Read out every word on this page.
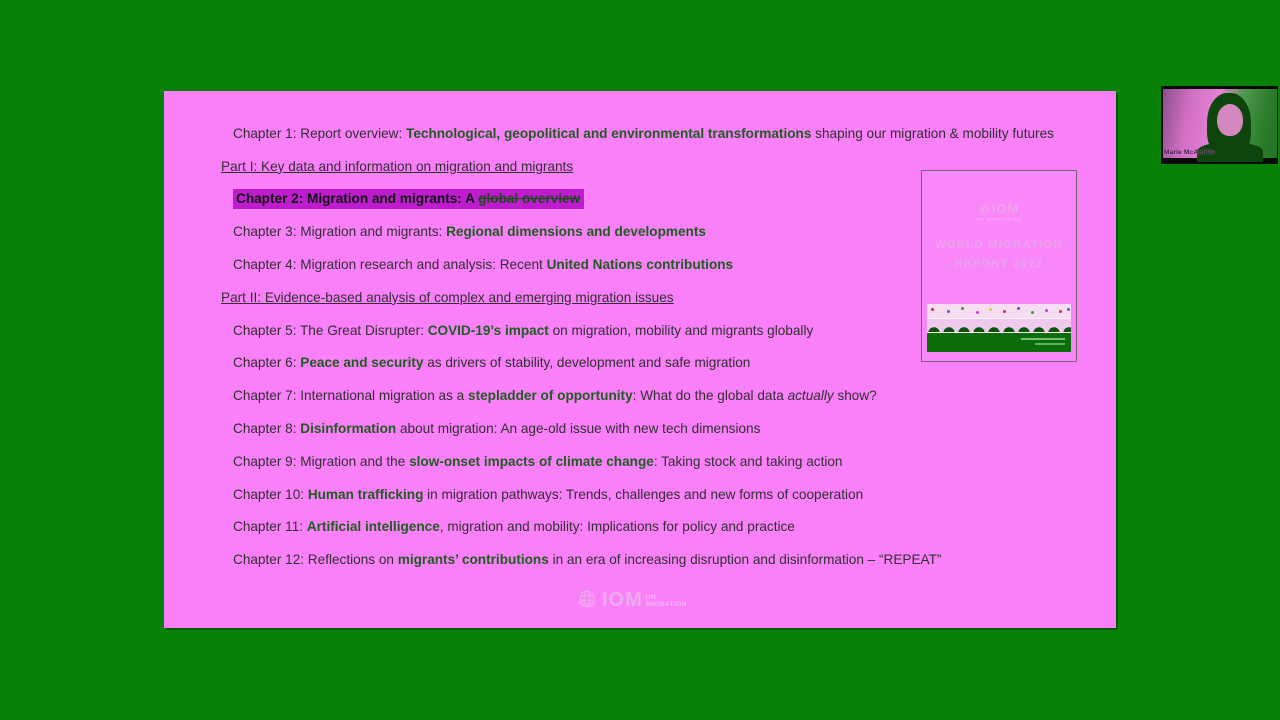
Chapter 1: Report overview: Technological, geopolitical and environmental transformations shaping our migration & mobility futures
Part I: Key data and information on migration and migrants
Chapter 2: Migration and migrants: A global overview
Chapter 3: Migration and migrants: Regional dimensions and developments
Chapter 4: Migration research and analysis: Recent United Nations contributions
Part II: Evidence-based analysis of complex and emerging migration issues
Chapter 5: The Great Disrupter: COVID-19’s impact on migration, mobility and migrants globally
Chapter 6: Peace and security as drivers of stability, development and safe migration
Chapter 7: International migration as a stepladder of opportunity: What do the global data actually show?
Chapter 8: Disinformation about migration: An age-old issue with new tech dimensions
Chapter 9: Migration and the slow-onset impacts of climate change: Taking stock and taking action
Chapter 10: Human trafficking in migration pathways: Trends, challenges and new forms of cooperation
Chapter 11: Artificial intelligence, migration and mobility: Implications for policy and practice
Chapter 12: Reflections on migrants’ contributions in an era of increasing disruption and disinformation – “REPEAT”
IOM
UN MIGRATION
WORLD MIGRATION
REPORT 2022
IOM UN
MIGRATION
Marie McAuliffe
